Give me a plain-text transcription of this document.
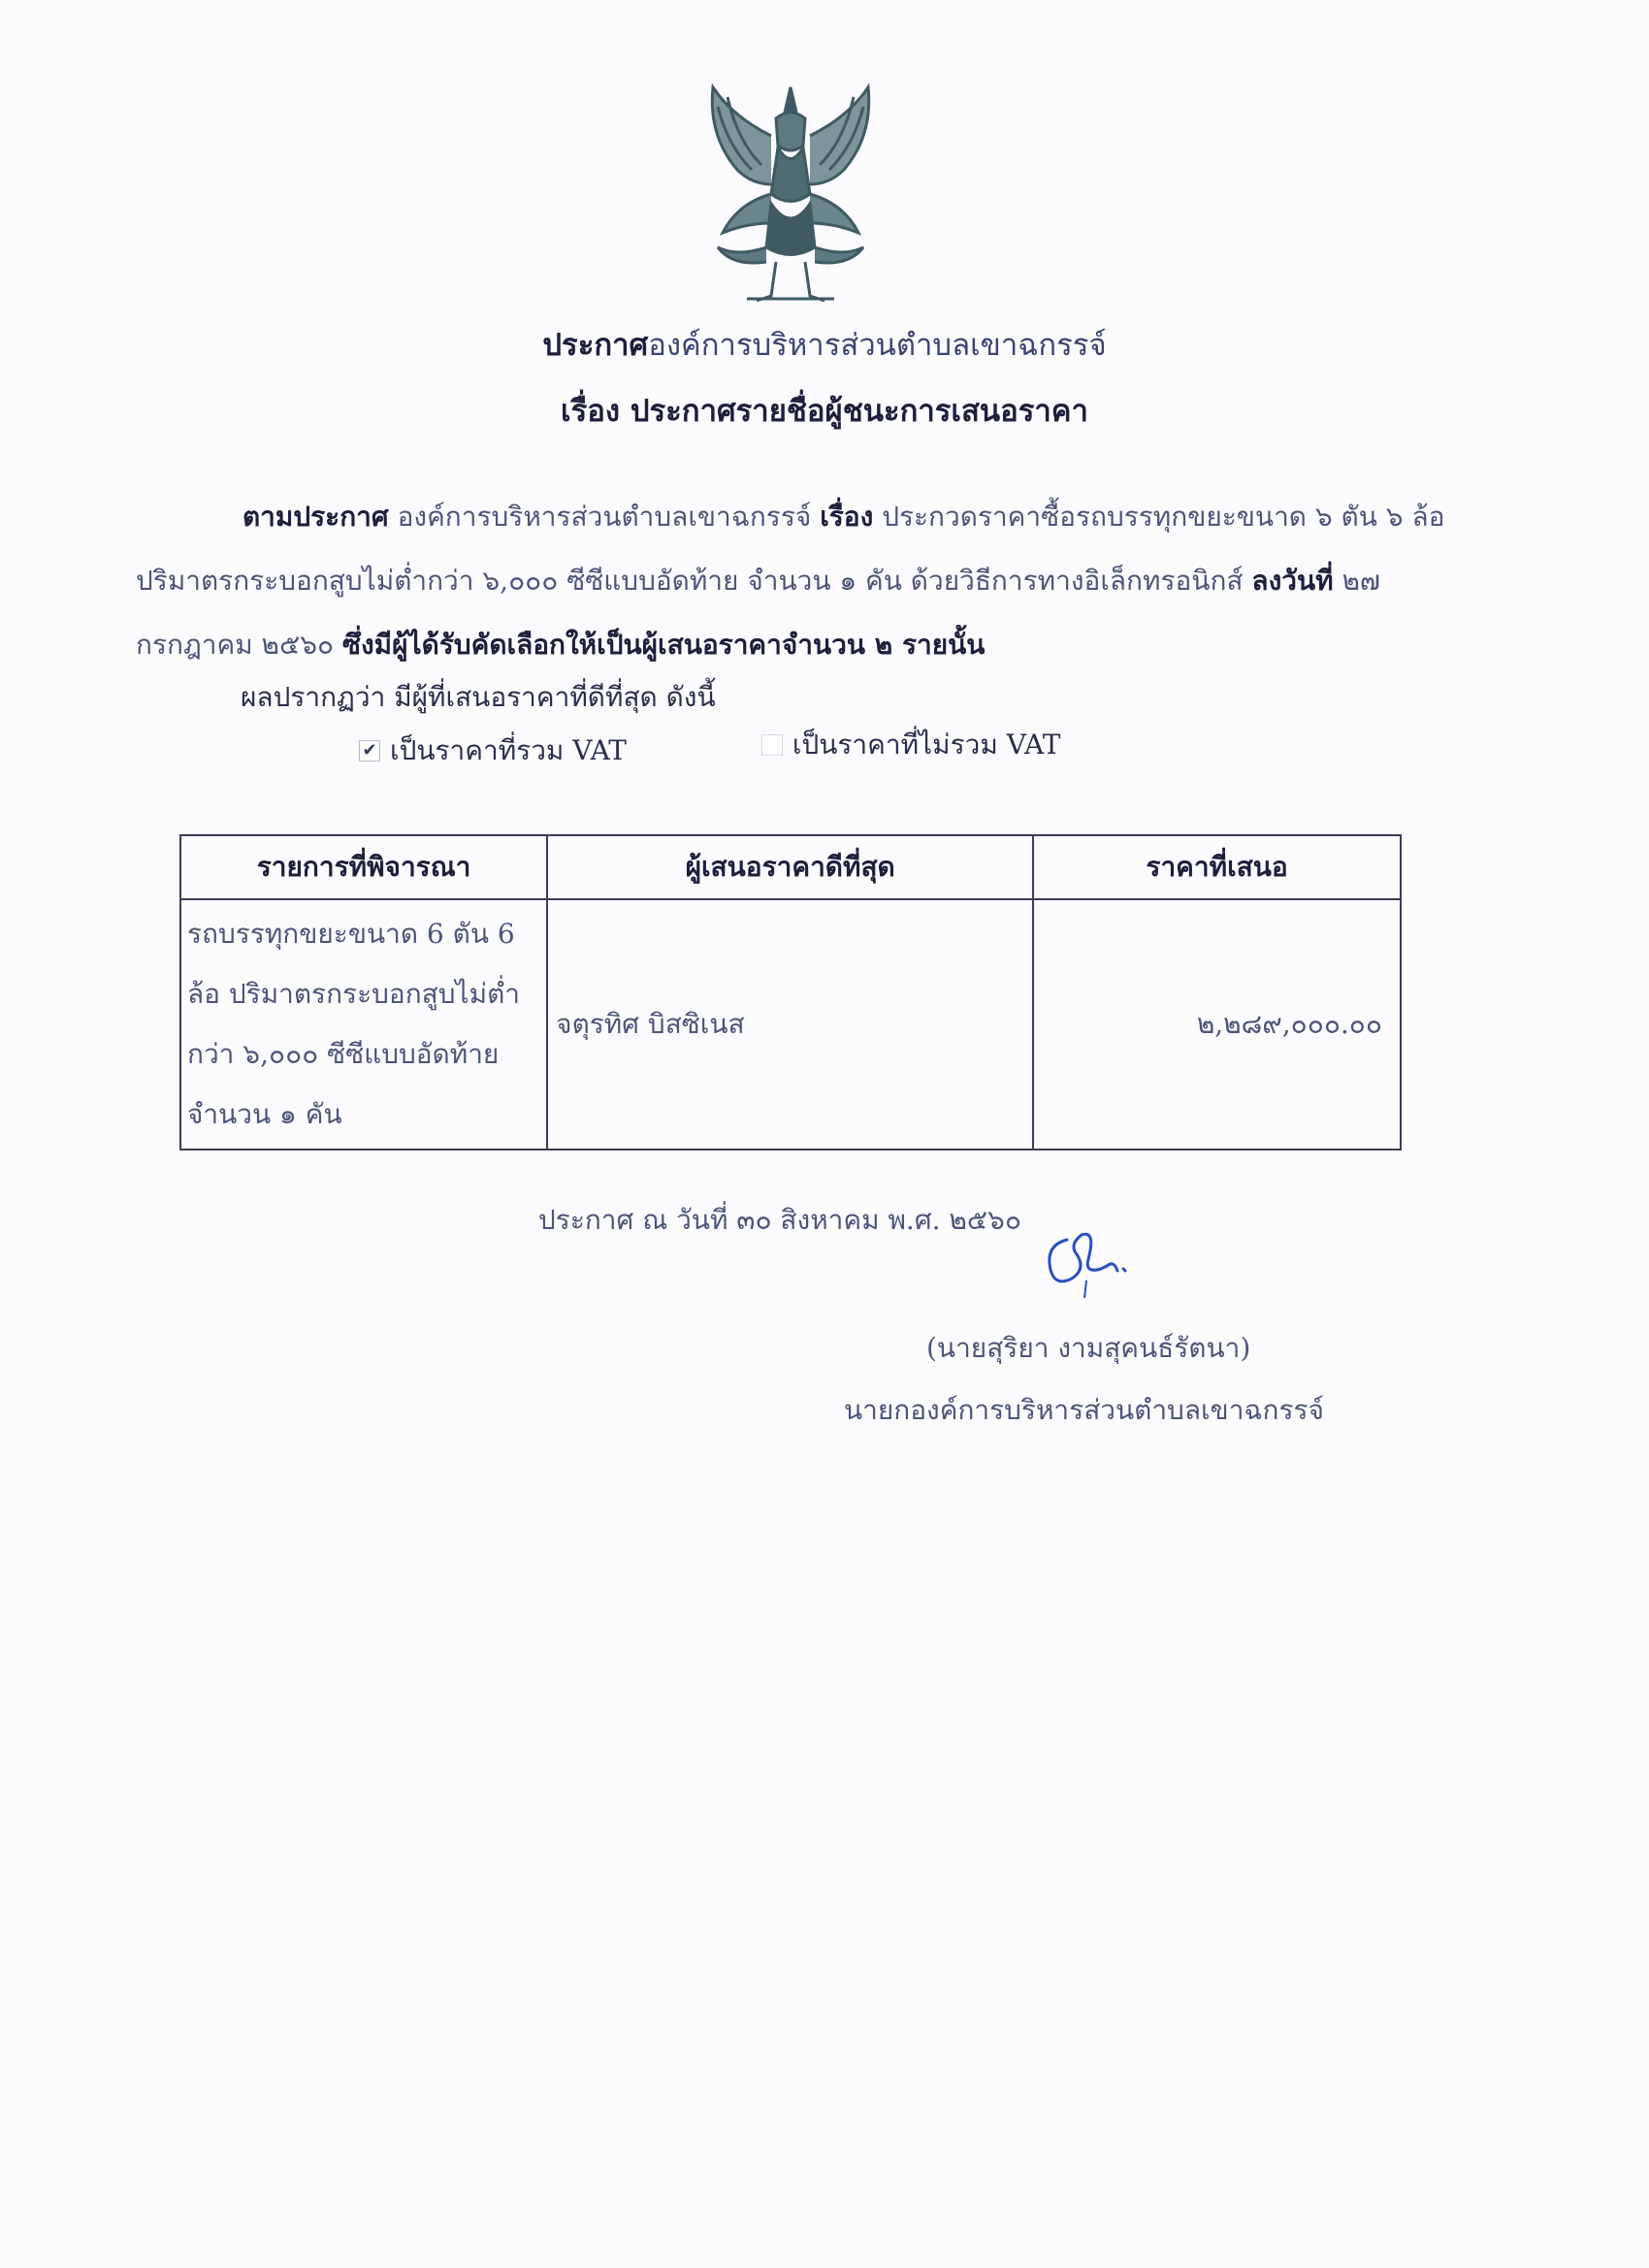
ประกาศองค์การบริหารส่วนตำบลเขาฉกรรจ์
เรื่อง ประกาศรายชื่อผู้ชนะการเสนอราคา
ตามประกาศ องค์การบริหารส่วนตำบลเขาฉกรรจ์ เรื่อง ประกวดราคาซื้อรถบรรทุกขยะขนาด ๖ ตัน ๖ ล้อ ปริมาตรกระบอกสูบไม่ต่ำกว่า ๖,๐๐๐ ซีซีแบบอัดท้าย จำนวน ๑ คัน ด้วยวิธีการทางอิเล็กทรอนิกส์ ลงวันที่ ๒๗ กรกฎาคม ๒๕๖๐ ซึ่งมีผู้ได้รับคัดเลือกให้เป็นผู้เสนอราคาจำนวน ๒ รายนั้น
ผลปรากฏว่า มีผู้ที่เสนอราคาที่ดีที่สุด ดังนี้
✔ เป็นราคาที่รวม VAT
	เป็นราคาที่ไม่รวม VAT
รายการที่พิจารณา	ผู้เสนอราคาดีที่สุด	ราคาที่เสนอ

รถบรรทุกขยะขนาด 6 ตัน 6
ล้อ ปริมาตรกระบอกสูบไม่ต่ำ
กว่า ๖,๐๐๐ ซีซีแบบอัดท้าย
จำนวน ๑ คัน	จตุรทิศ บิสซิเนส	๒,๒๘๙,๐๐๐.๐๐
ประกาศ ณ วันที่ ๓๐ สิงหาคม พ.ศ. ๒๕๖๐
(นายสุริยา งามสุคนธ์รัตนา)
นายกองค์การบริหารส่วนตำบลเขาฉกรรจ์
